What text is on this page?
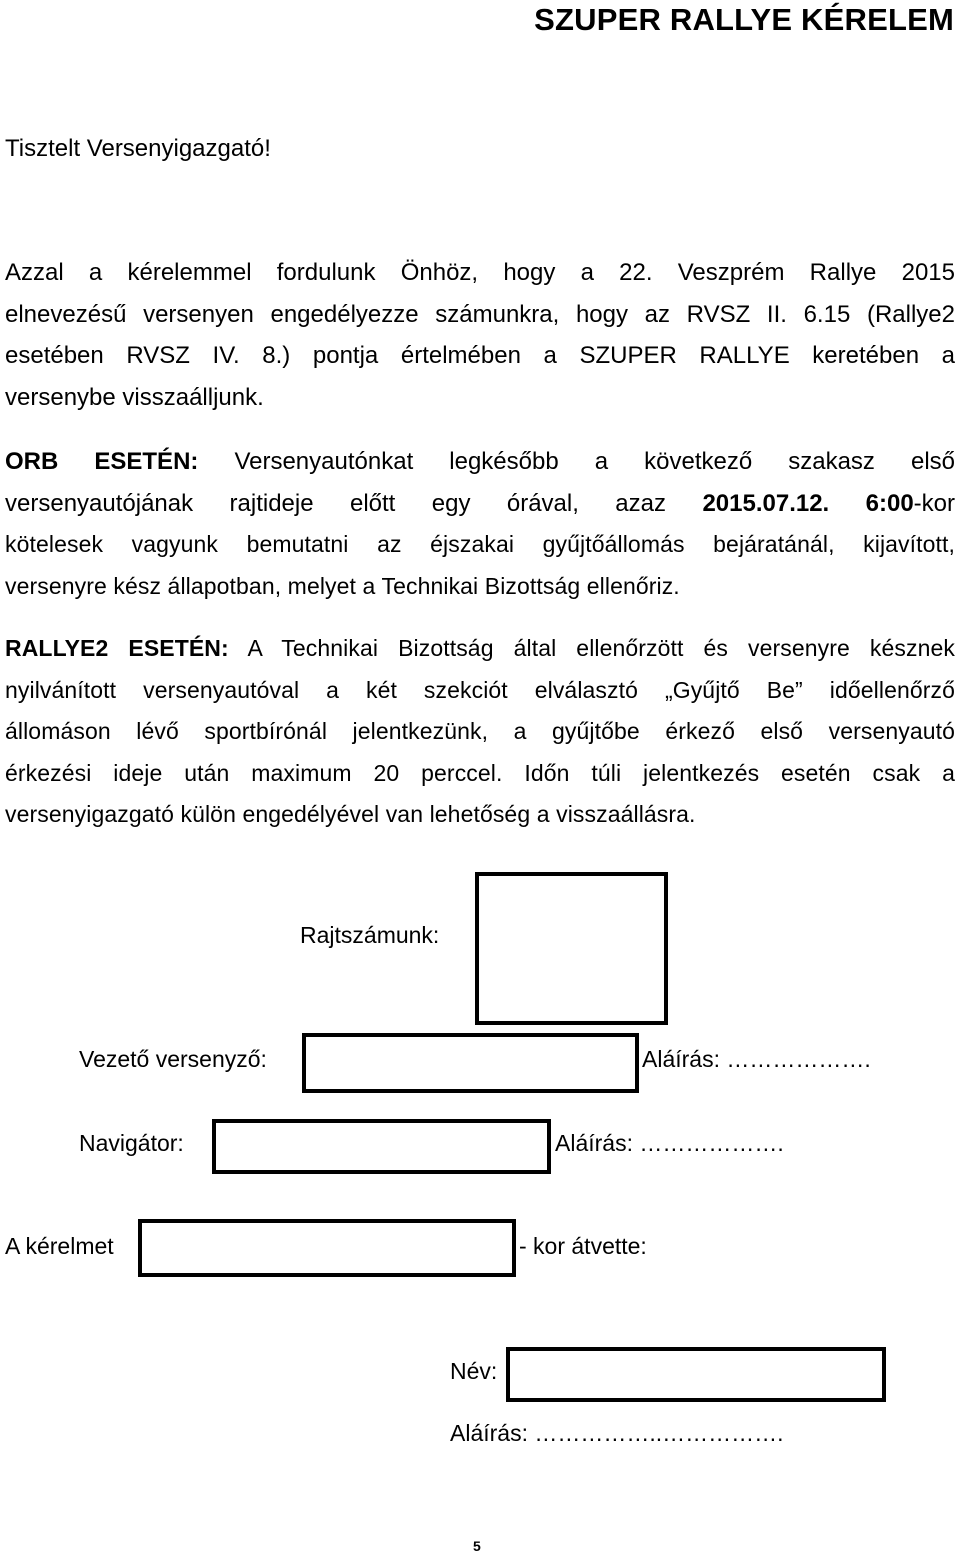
SZUPER RALLYE KÉRELEM
Tisztelt Versenyigazgató!
Azzal a kérelemmel fordulunk Önhöz, hogy a 22. Veszprém Rallye 2015
elnevezésű versenyen engedélyezze számunkra, hogy az RVSZ II. 6.15 (Rallye2
esetében RVSZ IV. 8.) pontja értelmében a SZUPER RALLYE keretében a
versenybe visszaálljunk.
ORB ESETÉN: Versenyautónkat legkésőbb a következő szakasz első
versenyautójának rajtideje előtt egy órával, azaz 2015.07.12. 6:00-kor
kötelesek vagyunk bemutatni az éjszakai gyűjtőállomás bejáratánál, kijavított,
versenyre kész állapotban, melyet a Technikai Bizottság ellenőriz.
RALLYE2 ESETÉN: A Technikai Bizottság által ellenőrzött és versenyre késznek
nyilvánított versenyautóval a két szekciót elválasztó „Gyűjtő Be” időellenőrző
állomáson lévő sportbírónál jelentkezünk, a gyűjtőbe érkező első versenyautó
érkezési ideje után maximum 20 perccel. Időn túli jelentkezés esetén csak a
versenyigazgató külön engedélyével van lehetőség a visszaállásra.
Rajtszámunk:
Vezető versenyző:	Aláírás: ……………….
Navigátor:	Aláírás: ……………….
A kérelmet	- kor átvette:
Név:
Aláírás: ……………..…………….
5
